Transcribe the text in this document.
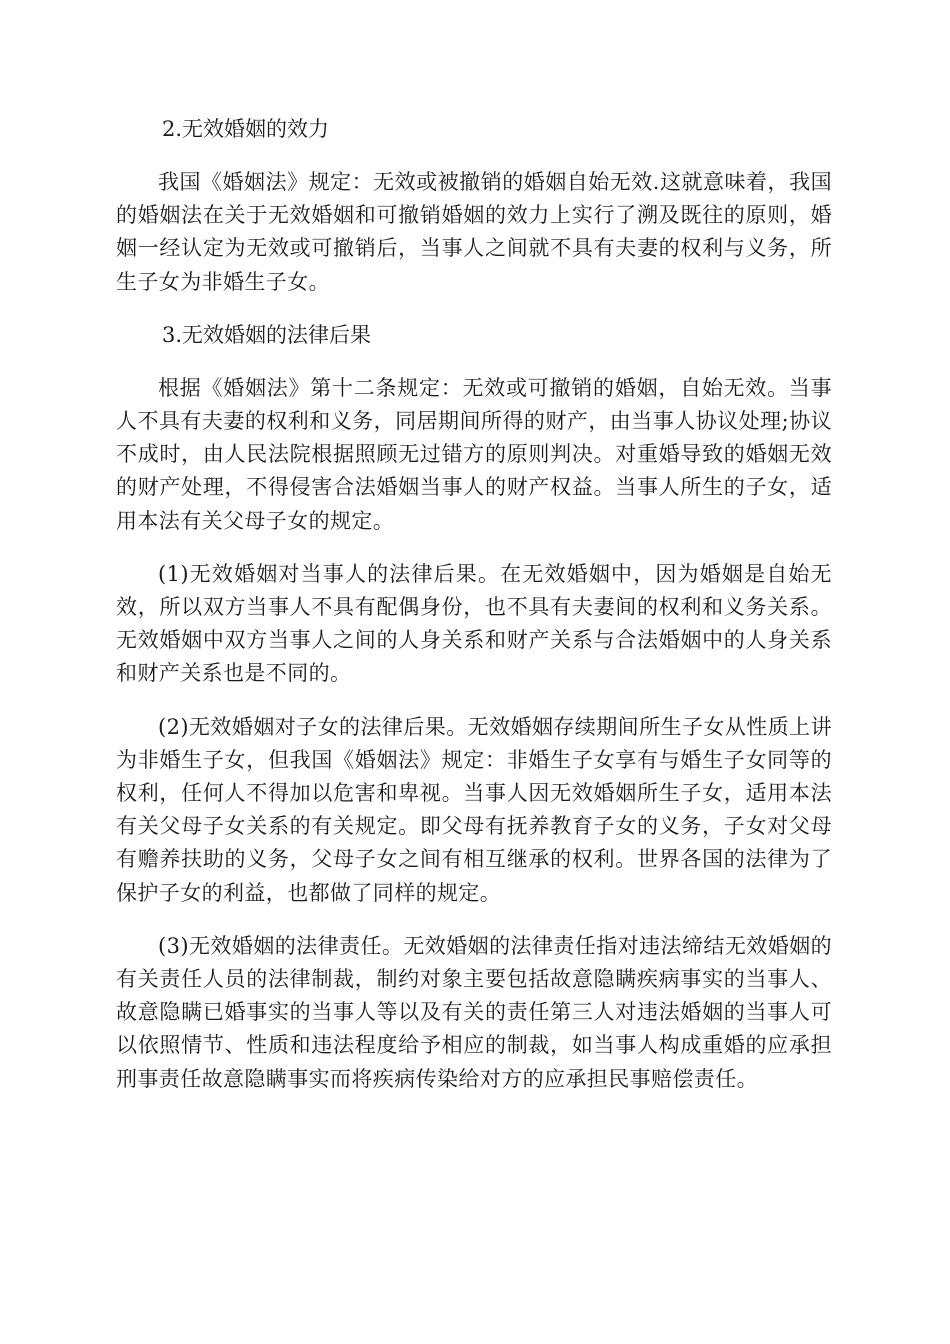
2.无效婚姻的效力

我国《婚姻法》规定：无效或被撤销的婚姻自始无效.这就意味着，我国的婚姻法在关于无效婚姻和可撤销婚姻的效力上实行了溯及既往的原则，婚姻一经认定为无效或可撤销后，当事人之间就不具有夫妻的权利与义务，所生子女为非婚生子女。

3.无效婚姻的法律后果

根据《婚姻法》第十二条规定：无效或可撤销的婚姻，自始无效。当事人不具有夫妻的权利和义务，同居期间所得的财产，由当事人协议处理;协议不成时，由人民法院根据照顾无过错方的原则判决。对重婚导致的婚姻无效的财产处理，不得侵害合法婚姻当事人的财产权益。当事人所生的子女，适用本法有关父母子女的规定。

(1)无效婚姻对当事人的法律后果。在无效婚姻中，因为婚姻是自始无效，所以双方当事人不具有配偶身份，也不具有夫妻间的权利和义务关系。无效婚姻中双方当事人之间的人身关系和财产关系与合法婚姻中的人身关系和财产关系也是不同的。

(2)无效婚姻对子女的法律后果。无效婚姻存续期间所生子女从性质上讲为非婚生子女，但我国《婚姻法》规定：非婚生子女享有与婚生子女同等的权利，任何人不得加以危害和卑视。当事人因无效婚姻所生子女，适用本法有关父母子女关系的有关规定。即父母有抚养教育子女的义务，子女对父母有赡养扶助的义务，父母子女之间有相互继承的权利。世界各国的法律为了保护子女的利益，也都做了同样的规定。

(3)无效婚姻的法律责任。无效婚姻的法律责任指对违法缔结无效婚姻的有关责任人员的法律制裁，制约对象主要包括故意隐瞒疾病事实的当事人、故意隐瞒已婚事实的当事人等以及有关的责任第三人对违法婚姻的当事人可以依照情节、性质和违法程度给予相应的制裁，如当事人构成重婚的应承担刑事责任故意隐瞒事实而将疾病传染给对方的应承担民事赔偿责任。
